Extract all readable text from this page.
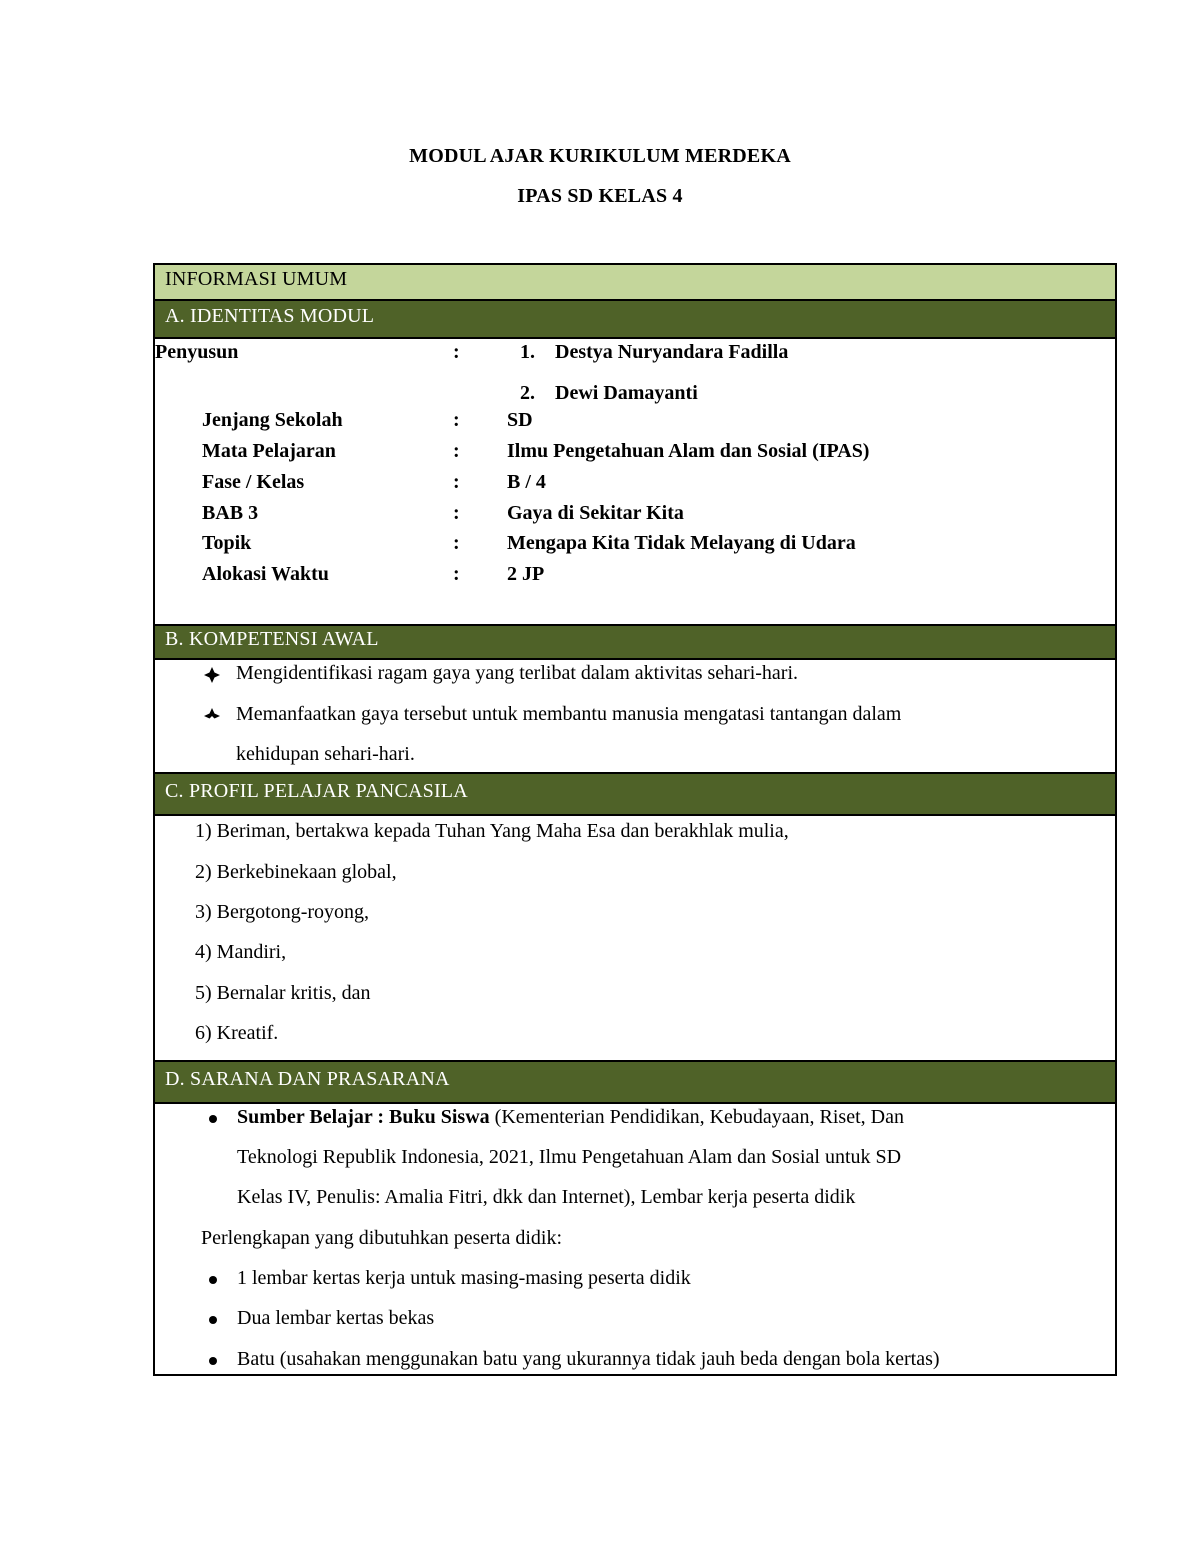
MODUL AJAR KURIKULUM MERDEKA
IPAS SD KELAS 4
INFORMASI UMUM
A. IDENTITAS MODUL
Penyusun	:	1. Destya Nuryandara Fadilla
2. Dewi Damayanti
Jenjang Sekolah	: SD
Mata Pelajaran	: Ilmu Pengetahuan Alam dan Sosial (IPAS)
Fase / Kelas	: B / 4
BAB 3	: Gaya di Sekitar Kita
Topik	: Mengapa Kita Tidak Melayang di Udara
Alokasi Waktu	: 2 JP
B. KOMPETENSI AWAL
Mengidentifikasi ragam gaya yang terlibat dalam aktivitas sehari-hari.
Memanfaatkan gaya tersebut untuk membantu manusia mengatasi tantangan dalam
kehidupan sehari-hari.
C. PROFIL PELAJAR PANCASILA
1) Beriman, bertakwa kepada Tuhan Yang Maha Esa dan berakhlak mulia,
2) Berkebinekaan global,
3) Bergotong-royong,
4) Mandiri,
5) Bernalar kritis, dan
6) Kreatif.
D. SARANA DAN PRASARANA
Sumber Belajar : Buku Siswa (Kementerian Pendidikan, Kebudayaan, Riset, Dan
Teknologi Republik Indonesia, 2021, Ilmu Pengetahuan Alam dan Sosial untuk SD
Kelas IV, Penulis: Amalia Fitri, dkk dan Internet), Lembar kerja peserta didik
Perlengkapan yang dibutuhkan peserta didik:
1 lembar kertas kerja untuk masing-masing peserta didik
Dua lembar kertas bekas
Batu (usahakan menggunakan batu yang ukurannya tidak jauh beda dengan bola kertas)
